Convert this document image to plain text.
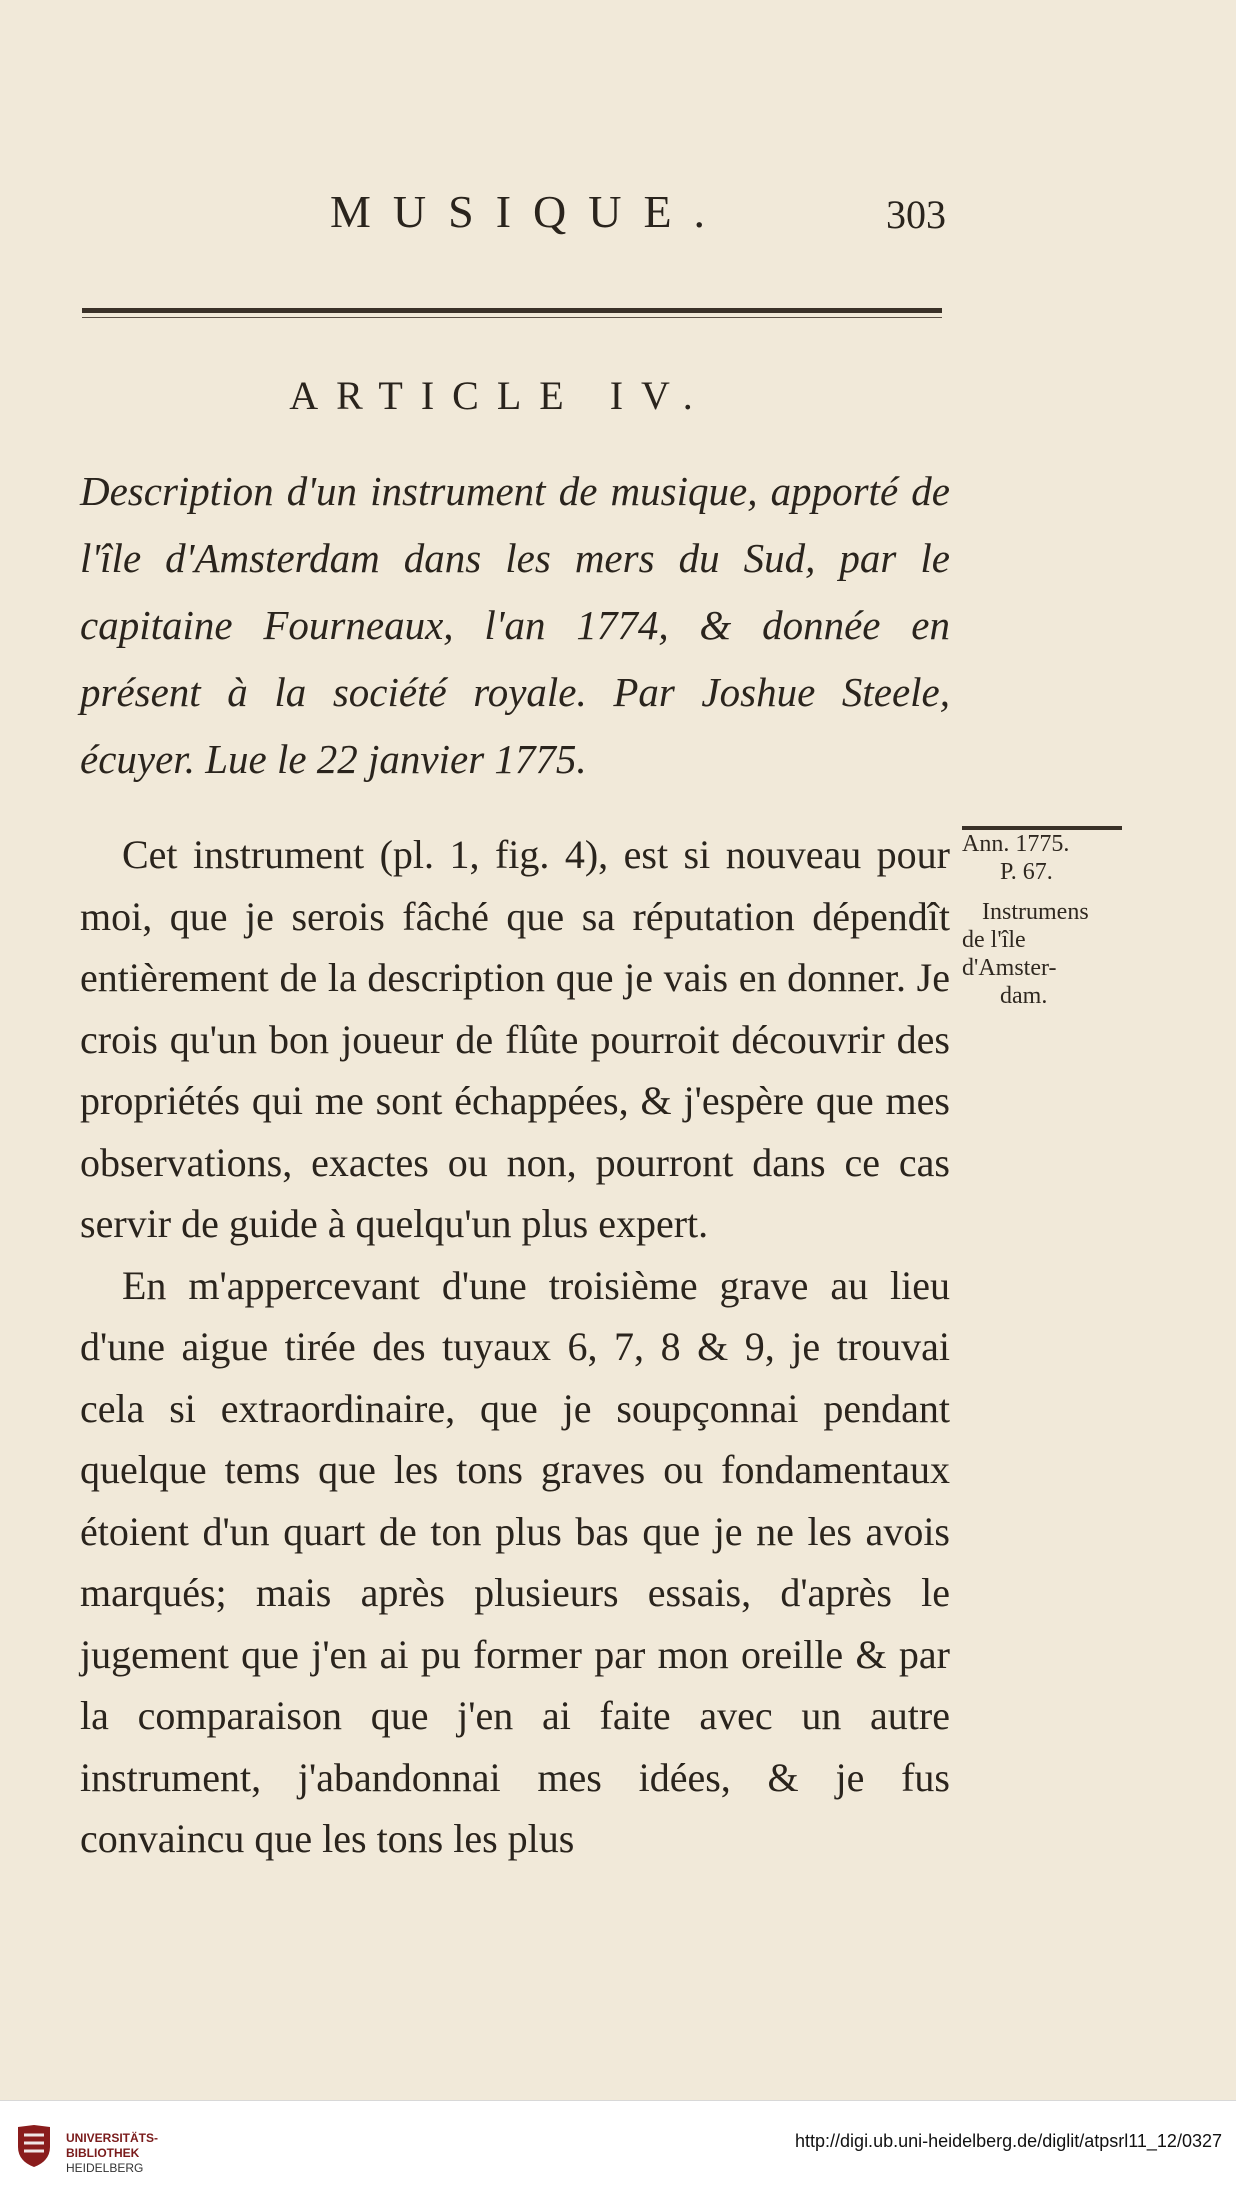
MUSIQUE.	303
ARTICLE IV.

Description d'un instrument de musique, apporté de l'île d'Amsterdam dans les mers du Sud, par le capitaine Fourneaux, l'an 1774, & donnée en présent à la société royale. Par Joshue Steele, écuyer. Lue le 22 janvier 1775.

Cet instrument (pl. 1, fig. 4), est si nouveau pour moi, que je serois fâché que sa réputation dépendît entièrement de la description que je vais en donner. Je crois qu'un bon joueur de flûte pourroit découvrir des propriétés qui me sont échappées, & j'espère que mes observations, exactes ou non, pourront dans ce cas servir de guide à quelqu'un plus expert.

En m'appercevant d'une troisième grave au lieu d'une aigue tirée des tuyaux 6, 7, 8 & 9, je trouvai cela si extraordinaire, que je soupçonnai pendant quelque tems que les tons graves ou fondamentaux étoient d'un quart de ton plus bas que je ne les avois marqués; mais après plusieurs essais, d'après le jugement que j'en ai pu former par mon oreille & par la comparaison que j'en ai faite avec un autre instrument, j'abandonnai mes idées, & je fus convaincu que les tons les plus

Ann. 1775.
P. 67.
Instrumens
de l'île
d'Amster-
dam.
UNIVERSITÄTS-
BIBLIOTHEK
HEIDELBERG
http://digi.ub.uni-heidelberg.de/diglit/atpsrl11_12/0327
